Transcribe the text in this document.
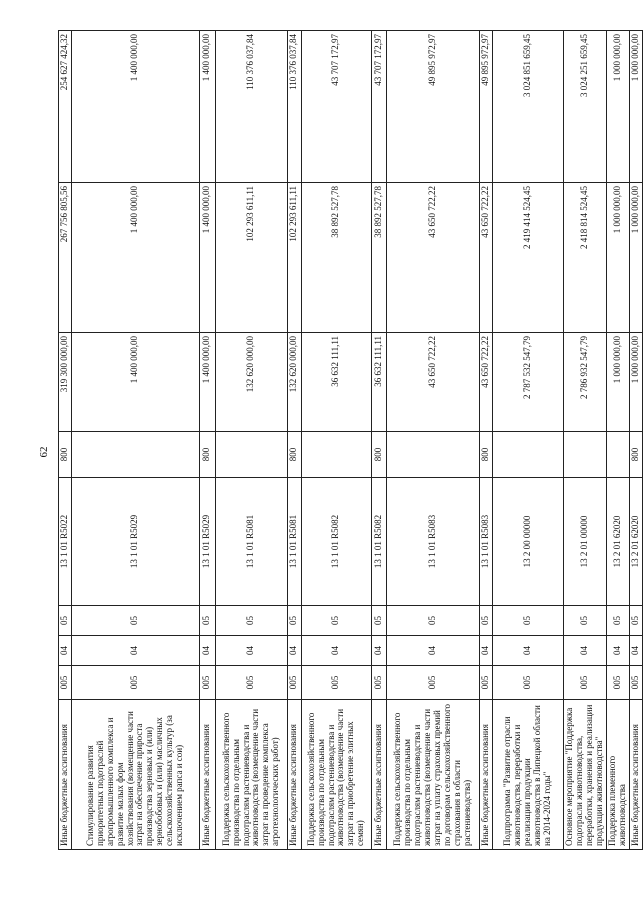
62
Иные бюджетные ассигнования	005	04	05	13 1 01 R5022	800	319 300 000,00	267 756 805,56	254 627 424,32
Стимулирование развития приоритетных подотраслей агропромышленного комплекса и развитие малых форм хозяйствования (возмещение части затрат на обеспечение прироста производства зерновых и (или) зернобобовых и (или) масличных сельскохозяйственных культур (за исключением рапса и сои)	005	04	05	13 1 01 R5029		1 400 000,00	1 400 000,00	1 400 000,00
Иные бюджетные ассигнования	005	04	05	13 1 01 R5029	800	1 400 000,00	1 400 000,00	1 400 000,00
Поддержка сельскохозяйственного производства по отдельным подотраслям растениеводства и животноводства (возмещение части затрат на проведение комплекса агротехнологических работ)	005	04	05	13 1 01 R5081		132 620 000,00	102 293 611,11	110 376 037,84
Иные бюджетные ассигнования	005	04	05	13 1 01 R5081	800	132 620 000,00	102 293 611,11	110 376 037,84
Поддержка сельскохозяйственного производства по отдельным подотраслям растениеводства и животноводства (возмещение части затрат на приобретение элитных семян)	005	04	05	13 1 01 R5082		36 632 111,11	38 892 527,78	43 707 172,97
Иные бюджетные ассигнования	005	04	05	13 1 01 R5082	800	36 632 111,11	38 892 527,78	43 707 172,97
Поддержка сельскохозяйственного производства по отдельным подотраслям растениеводства и животноводства (возмещение части затрат на уплату страховых премий по договорам сельскохозяйственного страхования в области растениеводства)	005	04	05	13 1 01 R5083		43 650 722,22	43 650 722,22	49 895 972,97
Иные бюджетные ассигнования	005	04	05	13 1 01 R5083	800	43 650 722,22	43 650 722,22	49 895 972,97
Подпрограмма "Развитие отрасли животноводства, переработки и реализации продукции животноводства в Липецкой области на 2014-2024 годы"	005	04	05	13 2 00 00000		2 787 532 547,79	2 419 414 524,45	3 024 851 659,45
Основное мероприятие "Поддержка подотрасли животноводства, переработки, хранения и реализации продукции животноводства"	005	04	05	13 2 01 00000		2 786 932 547,79	2 418 814 524,45	3 024 251 659,45
Поддержка племенного животноводства	005	04	05	13 2 01 62020		1 000 000,00	1 000 000,00	1 000 000,00
Иные бюджетные ассигнования	005	04	05	13 2 01 62020	800	1 000 000,00	1 000 000,00	1 000 000,00
